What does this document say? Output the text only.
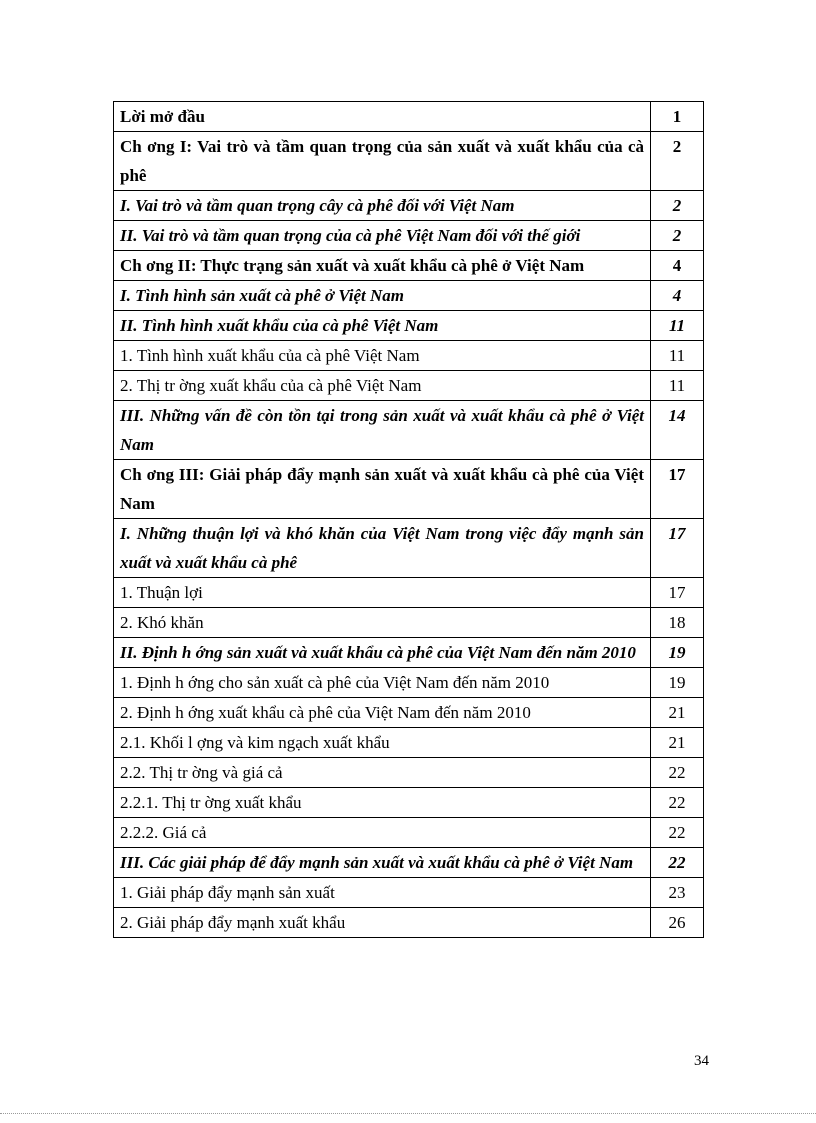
Lời mở đầu	1
Ch ơng I: Vai trò và tầm quan trọng của sản xuất và xuất khẩu của cà phê	2
I. Vai trò và tầm quan trọng cây cà phê đối với Việt Nam	2
II. Vai trò và tầm quan trọng của cà phê Việt Nam đối với thế giới	2
Ch ơng II: Thực trạng sản xuất và xuất khẩu cà phê ở Việt Nam	4
I. Tình hình sản xuất cà phê ở Việt Nam	4
II. Tình hình xuất khẩu của cà phê Việt Nam	11
1. Tình hình xuất khẩu của cà phê Việt Nam	11
2. Thị tr ờng xuất khẩu của cà phê Việt Nam	11
III. Những vấn đề còn tồn tại trong sản xuất và xuất khẩu cà phê ở Việt Nam	14
Ch ơng III: Giải pháp đẩy mạnh sản xuất và xuất khẩu cà phê của Việt Nam	17
I. Những thuận lợi và khó khăn của Việt Nam trong việc đẩy mạnh sản xuất và xuất khẩu cà phê	17
1. Thuận lợi	17
2. Khó khăn	18
II. Định h ớng sản xuất và xuất khẩu cà phê của Việt Nam đến năm 2010	19
1. Định h ớng cho sản xuất cà phê của Việt Nam đến năm 2010	19
2. Định h ớng xuất khẩu cà phê của Việt Nam đến năm 2010	21
2.1. Khối l ợng và kim ngạch xuất khẩu	21
2.2. Thị tr ờng và giá cả	22
2.2.1. Thị tr ờng xuất khẩu	22
2.2.2. Giá cả	22
III. Các giải pháp để đẩy mạnh sản xuất và xuất khẩu cà phê ở Việt Nam	22
1. Giải pháp đẩy mạnh sản xuất	23
2. Giải pháp đẩy mạnh xuất khẩu	26
34
